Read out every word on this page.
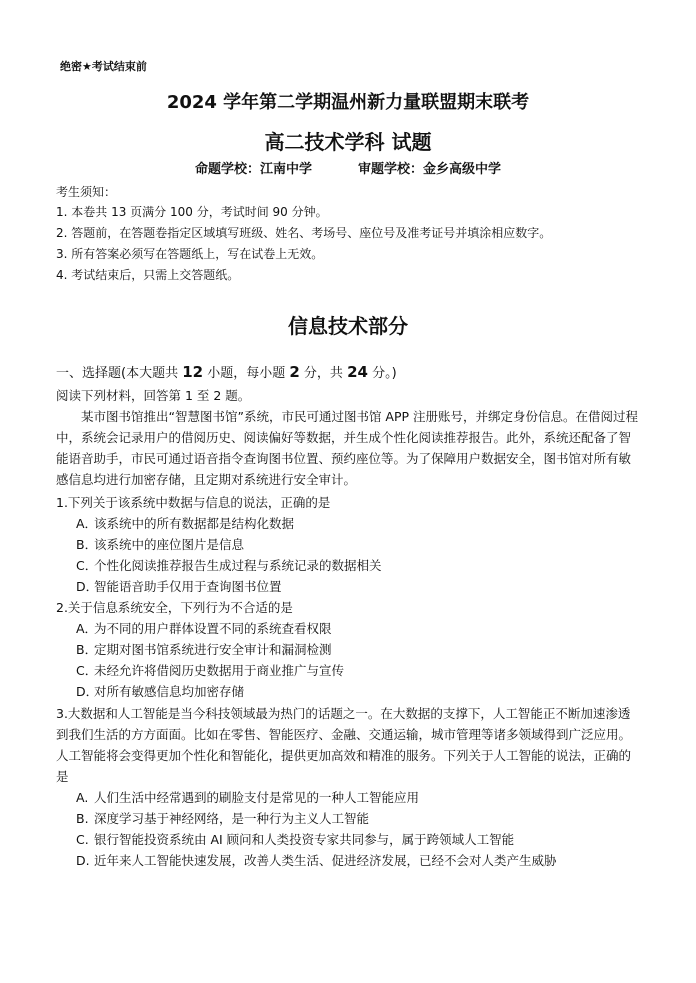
绝密★考试结束前
2024 学年第二学期温州新力量联盟期末联考
高二技术学科 试题
命题学校：江南中学	审题学校：金乡高级中学
考生须知：
1. 本卷共 13 页满分 100 分，考试时间 90 分钟。
2. 答题前，在答题卷指定区域填写班级、姓名、考场号、座位号及准考证号并填涂相应数字。
3. 所有答案必须写在答题纸上，写在试卷上无效。
4. 考试结束后，只需上交答题纸。
信息技术部分
一、选择题(本大题共 12 小题，每小题 2 分，共 24 分。)
阅读下列材料，回答第 1 至 2 题。
某市图书馆推出“智慧图书馆”系统，市民可通过图书馆 APP 注册账号，并绑定身份信息。在借阅过程中，系统会记录用户的借阅历史、阅读偏好等数据，并生成个性化阅读推荐报告。此外，系统还配备了智能语音助手，市民可通过语音指令查询图书位置、预约座位等。为了保障用户数据安全，图书馆对所有敏感信息均进行加密存储，且定期对系统进行安全审计。
1.下列关于该系统中数据与信息的说法，正确的是
A．该系统中的所有数据都是结构化数据
B．该系统中的座位图片是信息
C．个性化阅读推荐报告生成过程与系统记录的数据相关
D．智能语音助手仅用于查询图书位置
2.关于信息系统安全，下列行为不合适的是
A．为不同的用户群体设置不同的系统查看权限
B．定期对图书馆系统进行安全审计和漏洞检测
C．未经允许将借阅历史数据用于商业推广与宣传
D．对所有敏感信息均加密存储
3.大数据和人工智能是当今科技领域最为热门的话题之一。在大数据的支撑下，人工智能正不断加速渗透到我们生活的方方面面。比如在零售、智能医疗、金融、交通运输，城市管理等诸多领域得到广泛应用。人工智能将会变得更加个性化和智能化，提供更加高效和精准的服务。下列关于人工智能的说法，正确的是
A. 人们生活中经常遇到的刷脸支付是常见的一种人工智能应用
B. 深度学习基于神经网络，是一种行为主义人工智能
C. 银行智能投资系统由 AI 顾问和人类投资专家共同参与，属于跨领域人工智能
D. 近年来人工智能快速发展，改善人类生活、促进经济发展，已经不会对人类产生威胁
